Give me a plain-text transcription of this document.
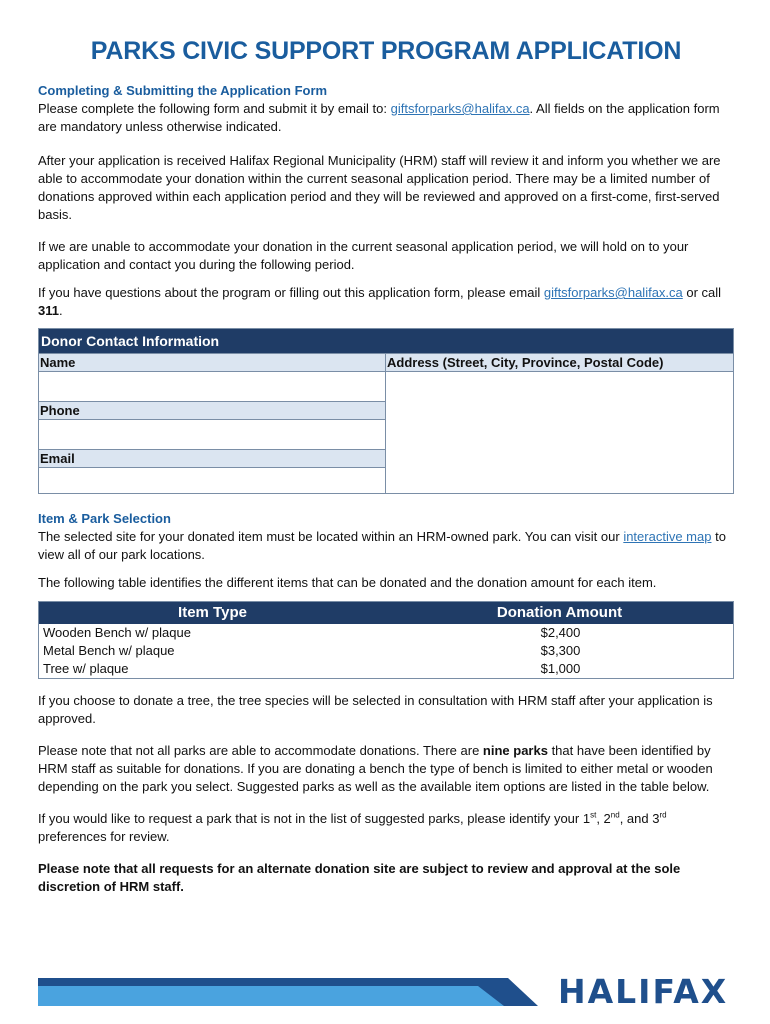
PARKS CIVIC SUPPORT PROGRAM APPLICATION
Completing & Submitting the Application Form

Please complete the following form and submit it by email to: giftsforparks@halifax.ca. All fields on the application form are mandatory unless otherwise indicated.

After your application is received Halifax Regional Municipality (HRM) staff will review it and inform you whether we are able to accommodate your donation within the current seasonal application period. There may be a limited number of donations approved within each application period and they will be reviewed and approved on a first-come, first-served basis.

If we are unable to accommodate your donation in the current seasonal application period, we will hold on to your application and contact you during the following period.

If you have questions about the program or filling out this application form, please email giftsforparks@halifax.ca or call 311.

Donor Contact Information
Name
Phone
Email
Address (Street, City, Province, Postal Code)
Item & Park Selection

The selected site for your donated item must be located within an HRM-owned park. You can visit our interactive map to view all of our park locations.

The following table identifies the different items that can be donated and the donation amount for each item.

Item Type	Donation Amount
Wooden Bench w/ plaque	$2,400
Metal Bench w/ plaque	$3,300
Tree w/ plaque	$1,000

If you choose to donate a tree, the tree species will be selected in consultation with HRM staff after your application is approved.

Please note that not all parks are able to accommodate donations. There are nine parks that have been identified by HRM staff as suitable for donations. If you are donating a bench the type of bench is limited to either metal or wooden depending on the park you select. Suggested parks as well as the available item options are listed in the table below.

If you would like to request a park that is not in the list of suggested parks, please identify your 1st, 2nd, and 3rd preferences for review.

Please note that all requests for an alternate donation site are subject to review and approval at the sole discretion of HRM staff.

HALIFAX
